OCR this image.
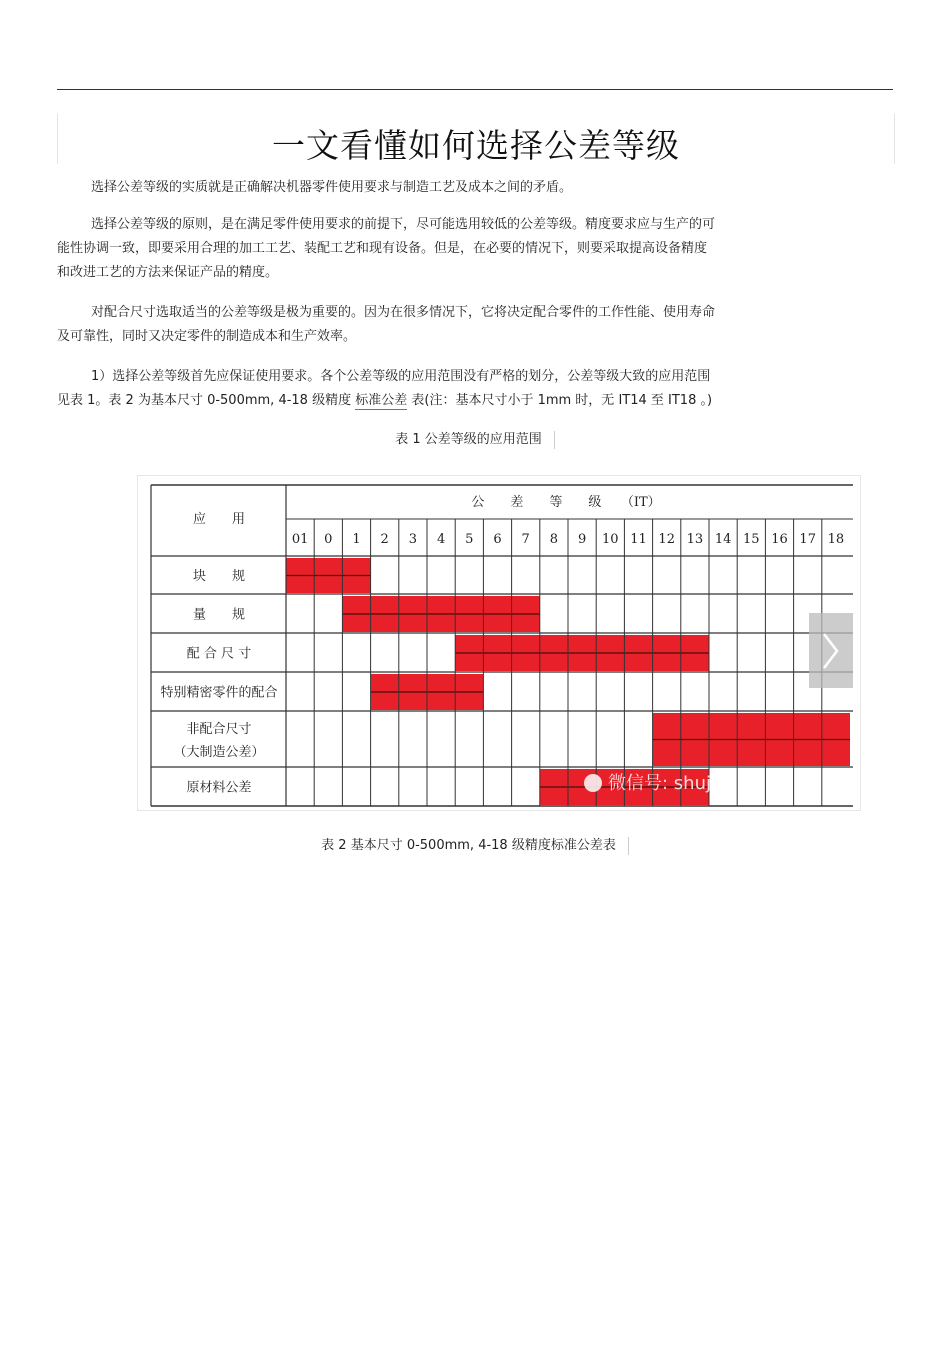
一文看懂如何选择公差等级

选择公差等级的实质就是正确解决机器零件使用要求与制造工艺及成本之间的矛盾。

选择公差等级的原则，是在满足零件使用要求的前提下，尽可能选用较低的公差等级。精度要求应与生产的可
能性协调一致，即要采用合理的加工工艺、装配工艺和现有设备。但是，在必要的情况下，则要采取提高设备精度
和改进工艺的方法来保证产品的精度。

对配合尺寸选取适当的公差等级是极为重要的。因为在很多情况下，它将决定配合零件的工作性能、使用寿命
及可靠性，同时又决定零件的制造成本和生产效率。

1）选择公差等级首先应保证使用要求。各个公差等级的应用范围没有严格的划分，公差等级大致的应用范围
见表 1。表 2 为基本尺寸 0-500mm, 4-18 级精度 标准公差 表(注：基本尺寸小于 1mm 时，无 IT14 至 IT18 。)

表 1 公差等级的应用范围
应　　用
公　　差　　等　　级　　（IT）
01 0 1 2 3 4 5 6 7 8 9 10 11 12 13 14 15 16 17 18
块　　规
量　　规
配 合 尺 寸
特别精密零件的配合
非配合尺寸
（大制造公差）
原材料公差	微信号: shujishi1818
表 2 基本尺寸 0-500mm, 4-18 级精度标准公差表
